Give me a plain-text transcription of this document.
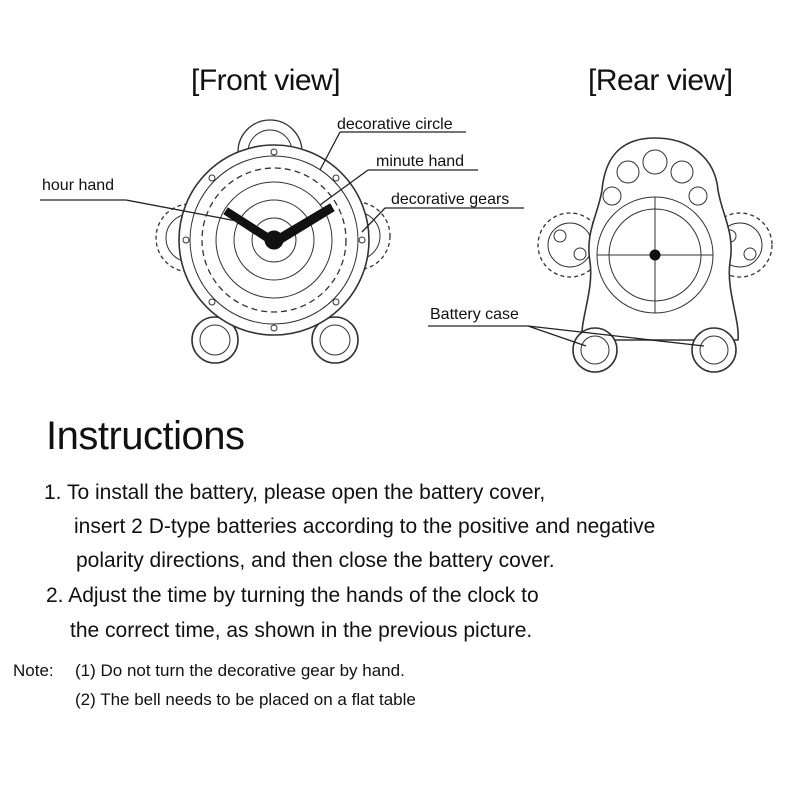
[Front view]	[Rear view]
decorative circle
minute hand
hour hand
decorative gears
Battery case
Instructions
1. To install the battery, please open the battery cover,
insert 2 D-type batteries according to the positive and negative
polarity directions, and then close the battery cover.
2. Adjust the time by turning the hands of the clock to
the correct time, as shown in the previous picture.
Note: (1) Do not turn the decorative gear by hand.
(2) The bell needs to be placed on a flat table
